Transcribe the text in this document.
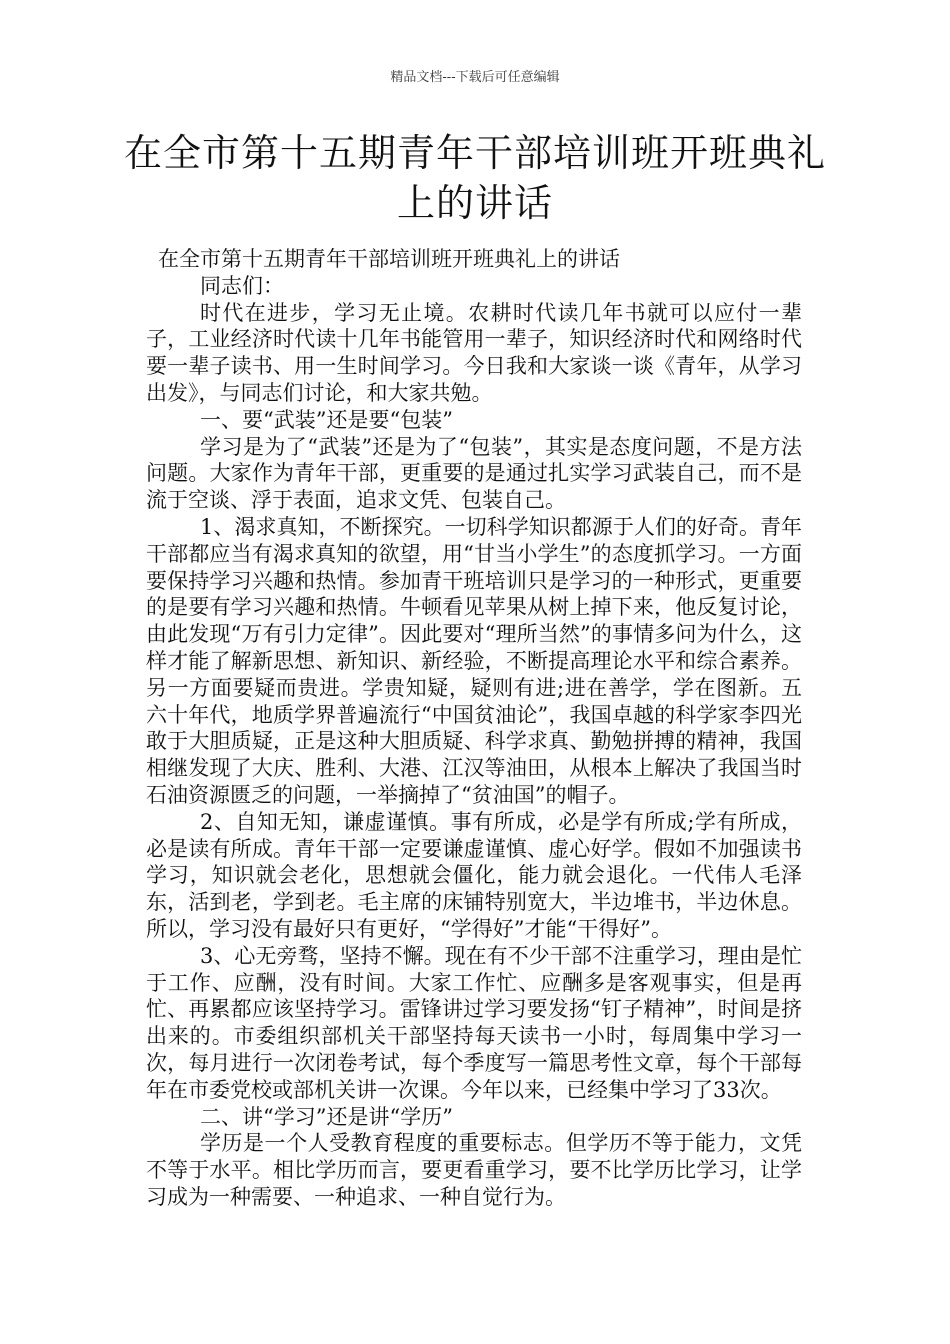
精品文档---下载后可任意编辑
在全市第十五期青年干部培训班开班典礼
上的讲话

在全市第十五期青年干部培训班开班典礼上的讲话

同志们：

时代在进步，学习无止境。农耕时代读几年书就可以应付一辈子，工业经济时代读十几年书能管用一辈子，知识经济时代和网络时代要一辈子读书、用一生时间学习。今日我和大家谈一谈《青年，从学习出发》，与同志们讨论，和大家共勉。

一、要“武装”还是要“包装”

学习是为了“武装”还是为了“包装”，其实是态度问题，不是方法问题。大家作为青年干部，更重要的是通过扎实学习武装自己，而不是流于空谈、浮于表面，追求文凭、包装自己。

1、渴求真知，不断探究。一切科学知识都源于人们的好奇。青年干部都应当有渴求真知的欲望，用“甘当小学生”的态度抓学习。一方面要保持学习兴趣和热情。参加青干班培训只是学习的一种形式，更重要的是要有学习兴趣和热情。牛顿看见苹果从树上掉下来，他反复讨论，由此发现“万有引力定律”。因此要对“理所当然”的事情多问为什么，这样才能了解新思想、新知识、新经验，不断提高理论水平和综合素养。另一方面要疑而贵进。学贵知疑，疑则有进;进在善学，学在图新。五六十年代，地质学界普遍流行“中国贫油论”，我国卓越的科学家李四光敢于大胆质疑，正是这种大胆质疑、科学求真、勤勉拼搏的精神，我国相继发现了大庆、胜利、大港、江汉等油田，从根本上解决了我国当时石油资源匮乏的问题，一举摘掉了“贫油国”的帽子。

2、自知无知，谦虚谨慎。事有所成，必是学有所成;学有所成，必是读有所成。青年干部一定要谦虚谨慎、虚心好学。假如不加强读书学习，知识就会老化，思想就会僵化，能力就会退化。一代伟人毛泽东，活到老，学到老。毛主席的床铺特别宽大，半边堆书，半边休息。所以，学习没有最好只有更好，“学得好”才能“干得好”。

3、心无旁骛，坚持不懈。现在有不少干部不注重学习，理由是忙于工作、应酬，没有时间。大家工作忙、应酬多是客观事实，但是再忙、再累都应该坚持学习。雷锋讲过学习要发扬“钉子精神”，时间是挤出来的。市委组织部机关干部坚持每天读书一小时，每周集中学习一次，每月进行一次闭卷考试，每个季度写一篇思考性文章，每个干部每年在市委党校或部机关讲一次课。今年以来，已经集中学习了33次。

二、讲“学习”还是讲“学历”

学历是一个人受教育程度的重要标志。但学历不等于能力，文凭不等于水平。相比学历而言，要更看重学习，要不比学历比学习，让学习成为一种需要、一种追求、一种自觉行为。
